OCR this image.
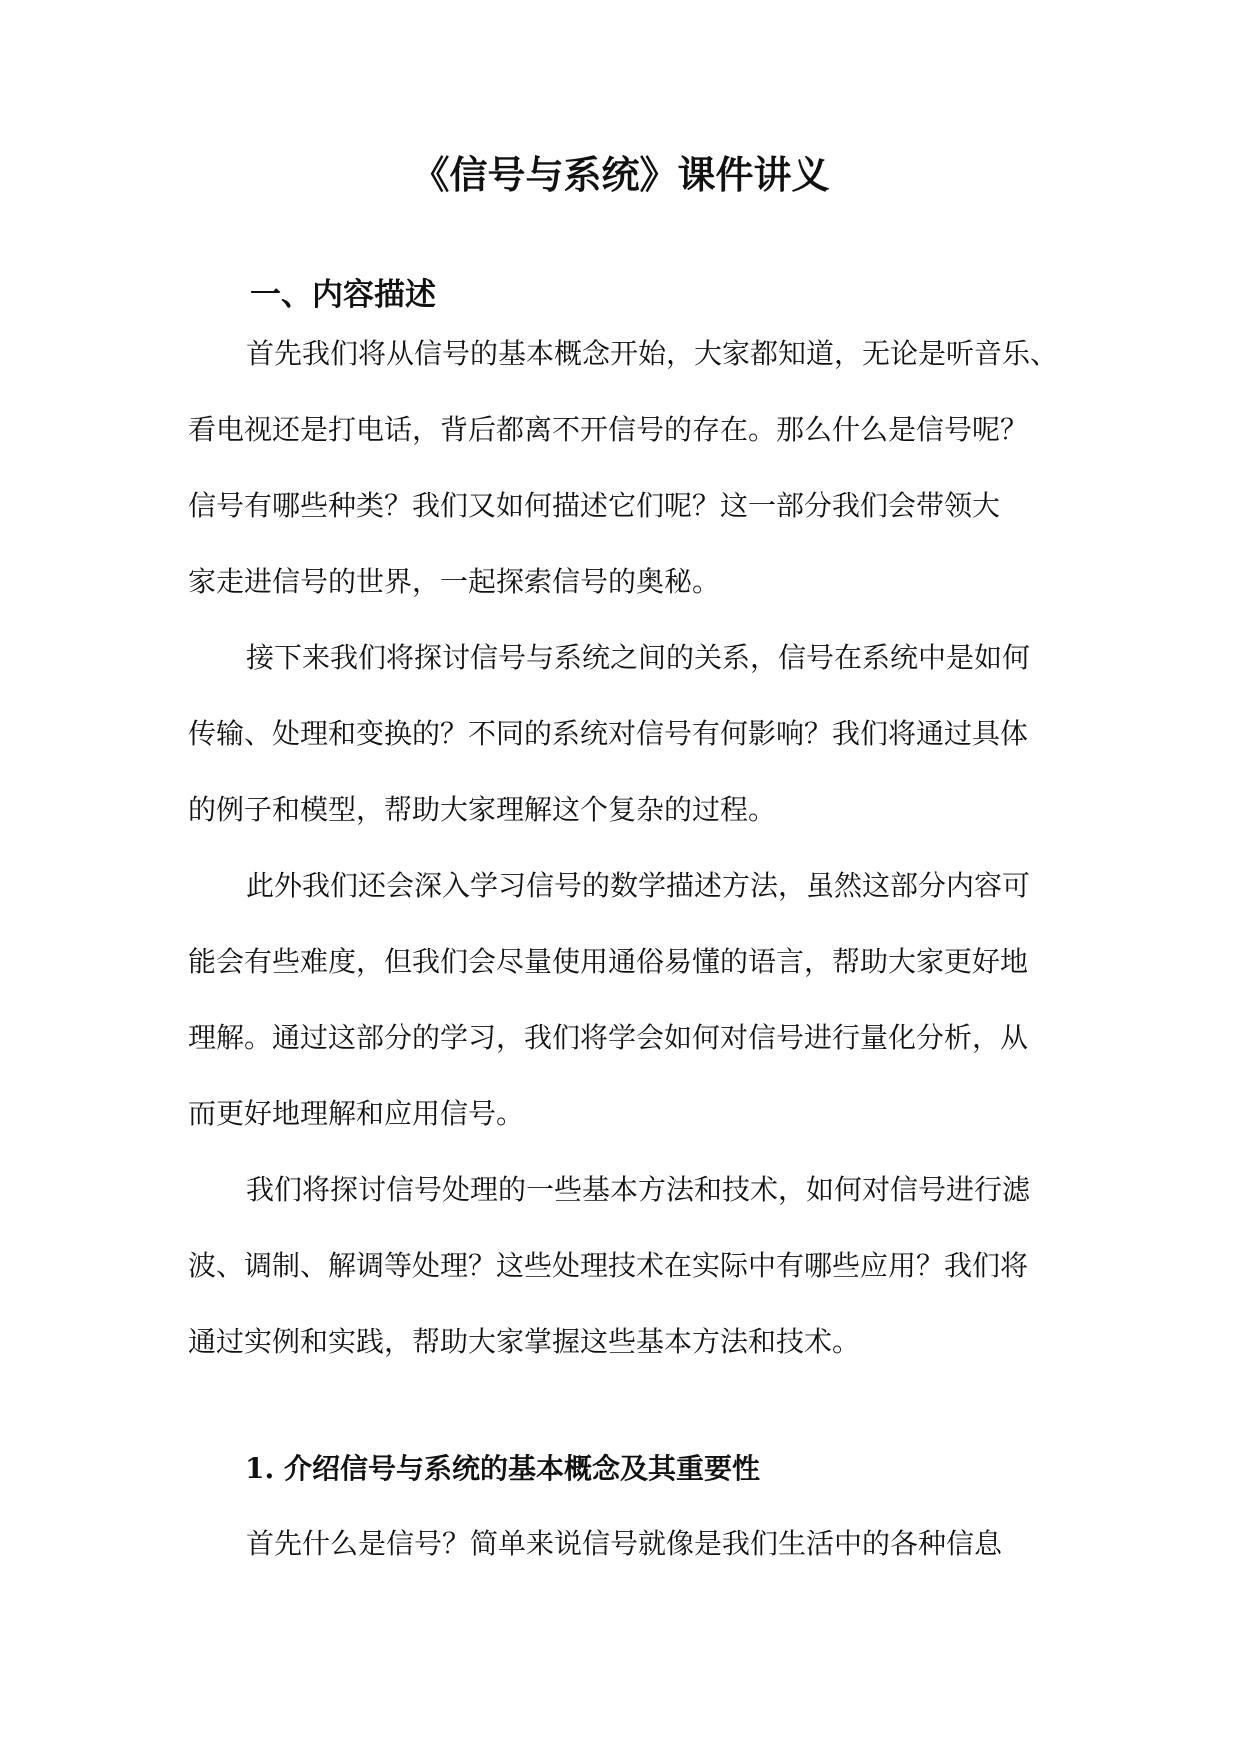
《信号与系统》课件讲义
一、内容描述

首先我们将从信号的基本概念开始，大家都知道，无论是听音乐、
看电视还是打电话，背后都离不开信号的存在。那么什么是信号呢？
信号有哪些种类？我们又如何描述它们呢？这一部分我们会带领大
家走进信号的世界，一起探索信号的奥秘。

接下来我们将探讨信号与系统之间的关系，信号在系统中是如何
传输、处理和变换的？不同的系统对信号有何影响？我们将通过具体
的例子和模型，帮助大家理解这个复杂的过程。

此外我们还会深入学习信号的数学描述方法，虽然这部分内容可
能会有些难度，但我们会尽量使用通俗易懂的语言，帮助大家更好地
理解。通过这部分的学习，我们将学会如何对信号进行量化分析，从
而更好地理解和应用信号。

我们将探讨信号处理的一些基本方法和技术，如何对信号进行滤
波、调制、解调等处理？这些处理技术在实际中有哪些应用？我们将
通过实例和实践，帮助大家掌握这些基本方法和技术。

1. 介绍信号与系统的基本概念及其重要性

首先什么是信号？简单来说信号就像是我们生活中的各种信息
